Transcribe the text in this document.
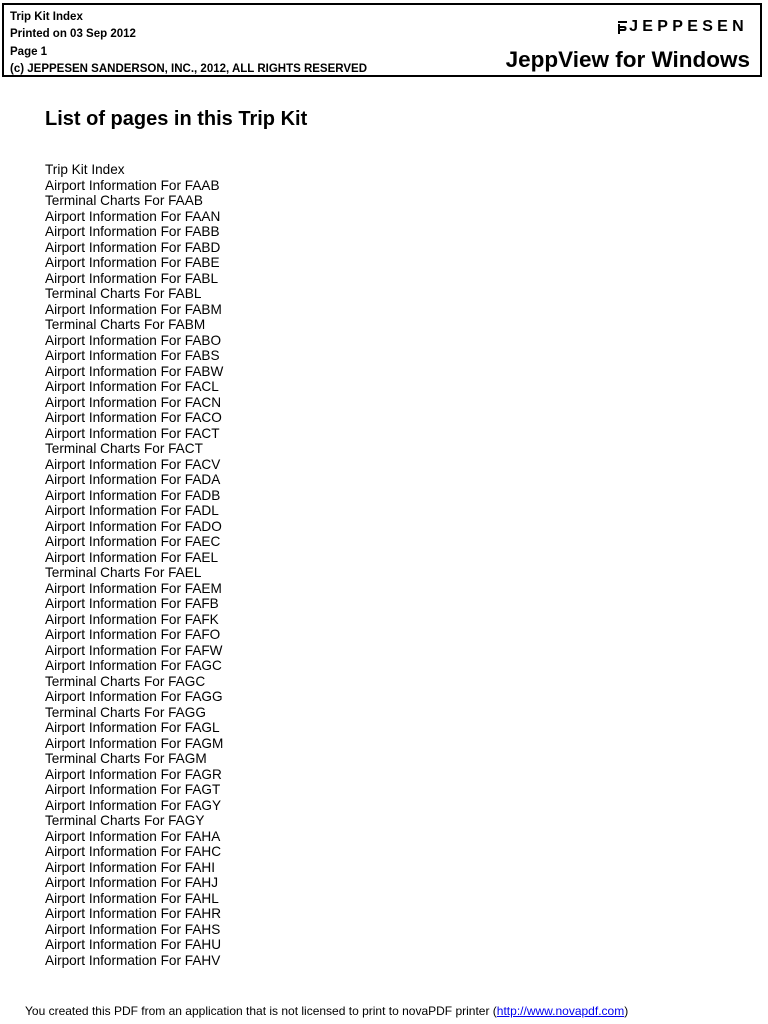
Trip Kit Index
Printed on 03 Sep 2012
Page 1
(c) JEPPESEN SANDERSON, INC., 2012, ALL RIGHTS RESERVED
JEPPESEN
JeppView for Windows
List of pages in this Trip Kit
Trip Kit Index
Airport Information For FAAB
Terminal Charts For FAAB
Airport Information For FAAN
Airport Information For FABB
Airport Information For FABD
Airport Information For FABE
Airport Information For FABL
Terminal Charts For FABL
Airport Information For FABM
Terminal Charts For FABM
Airport Information For FABO
Airport Information For FABS
Airport Information For FABW
Airport Information For FACL
Airport Information For FACN
Airport Information For FACO
Airport Information For FACT
Terminal Charts For FACT
Airport Information For FACV
Airport Information For FADA
Airport Information For FADB
Airport Information For FADL
Airport Information For FADO
Airport Information For FAEC
Airport Information For FAEL
Terminal Charts For FAEL
Airport Information For FAEM
Airport Information For FAFB
Airport Information For FAFK
Airport Information For FAFO
Airport Information For FAFW
Airport Information For FAGC
Terminal Charts For FAGC
Airport Information For FAGG
Terminal Charts For FAGG
Airport Information For FAGL
Airport Information For FAGM
Terminal Charts For FAGM
Airport Information For FAGR
Airport Information For FAGT
Airport Information For FAGY
Terminal Charts For FAGY
Airport Information For FAHA
Airport Information For FAHC
Airport Information For FAHI
Airport Information For FAHJ
Airport Information For FAHL
Airport Information For FAHR
Airport Information For FAHS
Airport Information For FAHU
Airport Information For FAHV
You created this PDF from an application that is not licensed to print to novaPDF printer (http://www.novapdf.com)
